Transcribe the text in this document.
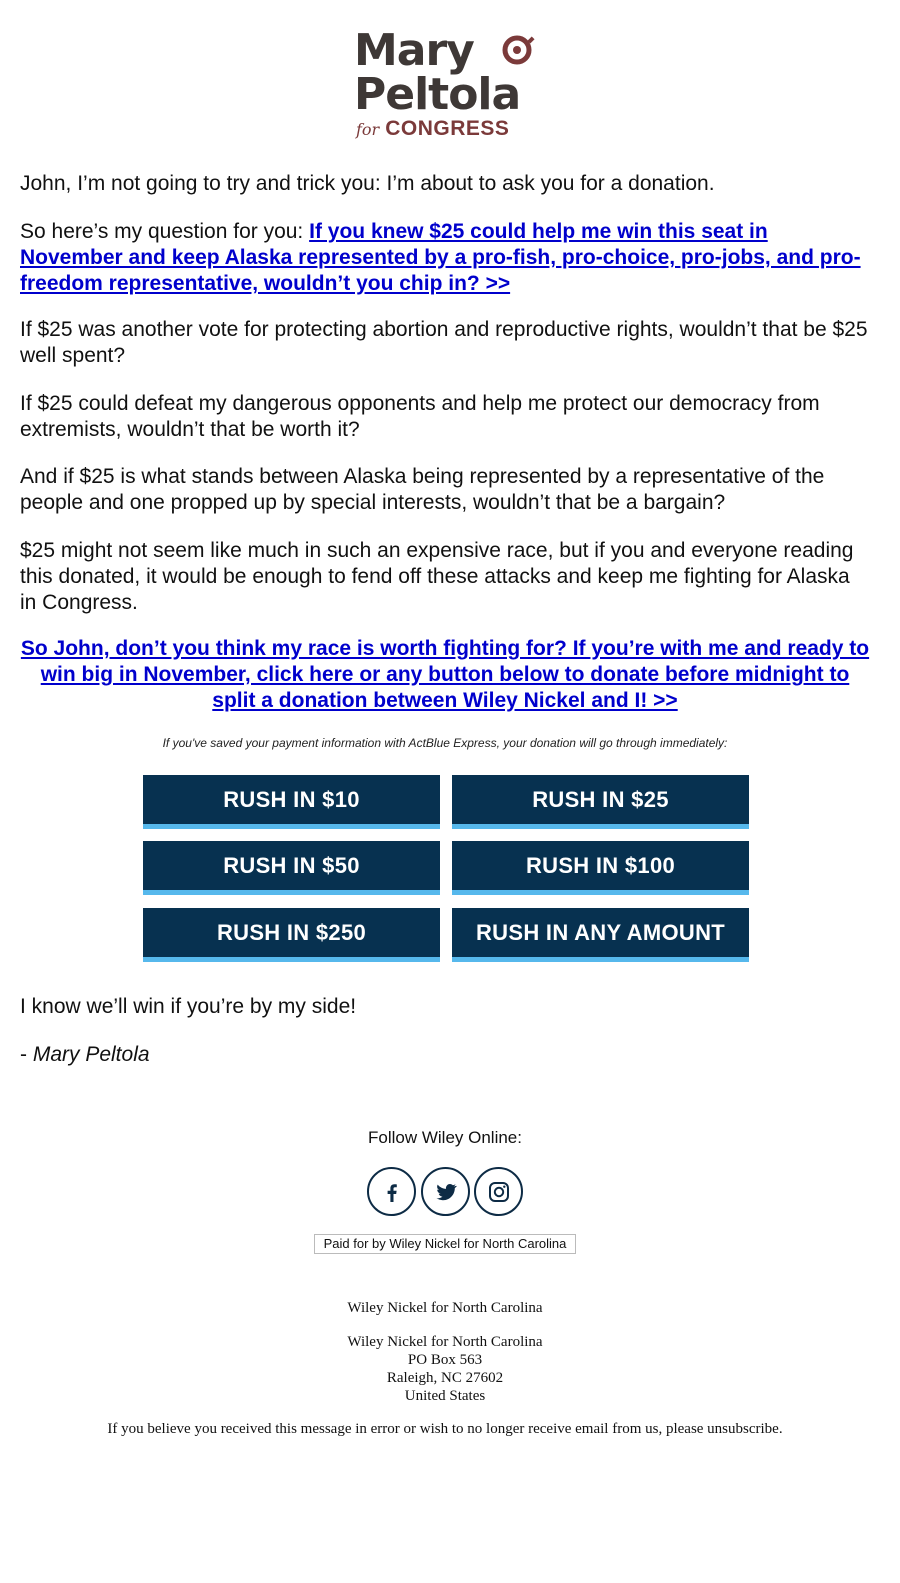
Mary
Peltola
for CONGRESS

John, I’m not going to try and trick you: I’m about to ask you for a donation.

So here’s my question for you: If you knew $25 could help me win this seat in November and keep Alaska represented by a pro-fish, pro-choice, pro-jobs, and pro-freedom representative, wouldn’t you chip in? >>

If $25 was another vote for protecting abortion and reproductive rights, wouldn’t that be $25 well spent?

If $25 could defeat my dangerous opponents and help me protect our democracy from extremists, wouldn’t that be worth it?

And if $25 is what stands between Alaska being represented by a representative of the people and one propped up by special interests, wouldn’t that be a bargain?

$25 might not seem like much in such an expensive race, but if you and everyone reading this donated, it would be enough to fend off these attacks and keep me fighting for Alaska in Congress.

So John, don’t you think my race is worth fighting for? If you’re with me and ready to win big in November, click here or any button below to donate before midnight to split a donation between Wiley Nickel and I! >>
If you've saved your payment information with ActBlue Express, your donation will go through immediately:
RUSH IN $10	RUSH IN $25
RUSH IN $50	RUSH IN $100
RUSH IN $250	RUSH IN ANY AMOUNT

I know we’ll win if you’re by my side!

- Mary Peltola

Follow Wiley Online:
Paid for by Wiley Nickel for North Carolina
Wiley Nickel for North Carolina
Wiley Nickel for North Carolina
PO Box 563
Raleigh, NC 27602
United States
If you believe you received this message in error or wish to no longer receive email from us, please unsubscribe.
